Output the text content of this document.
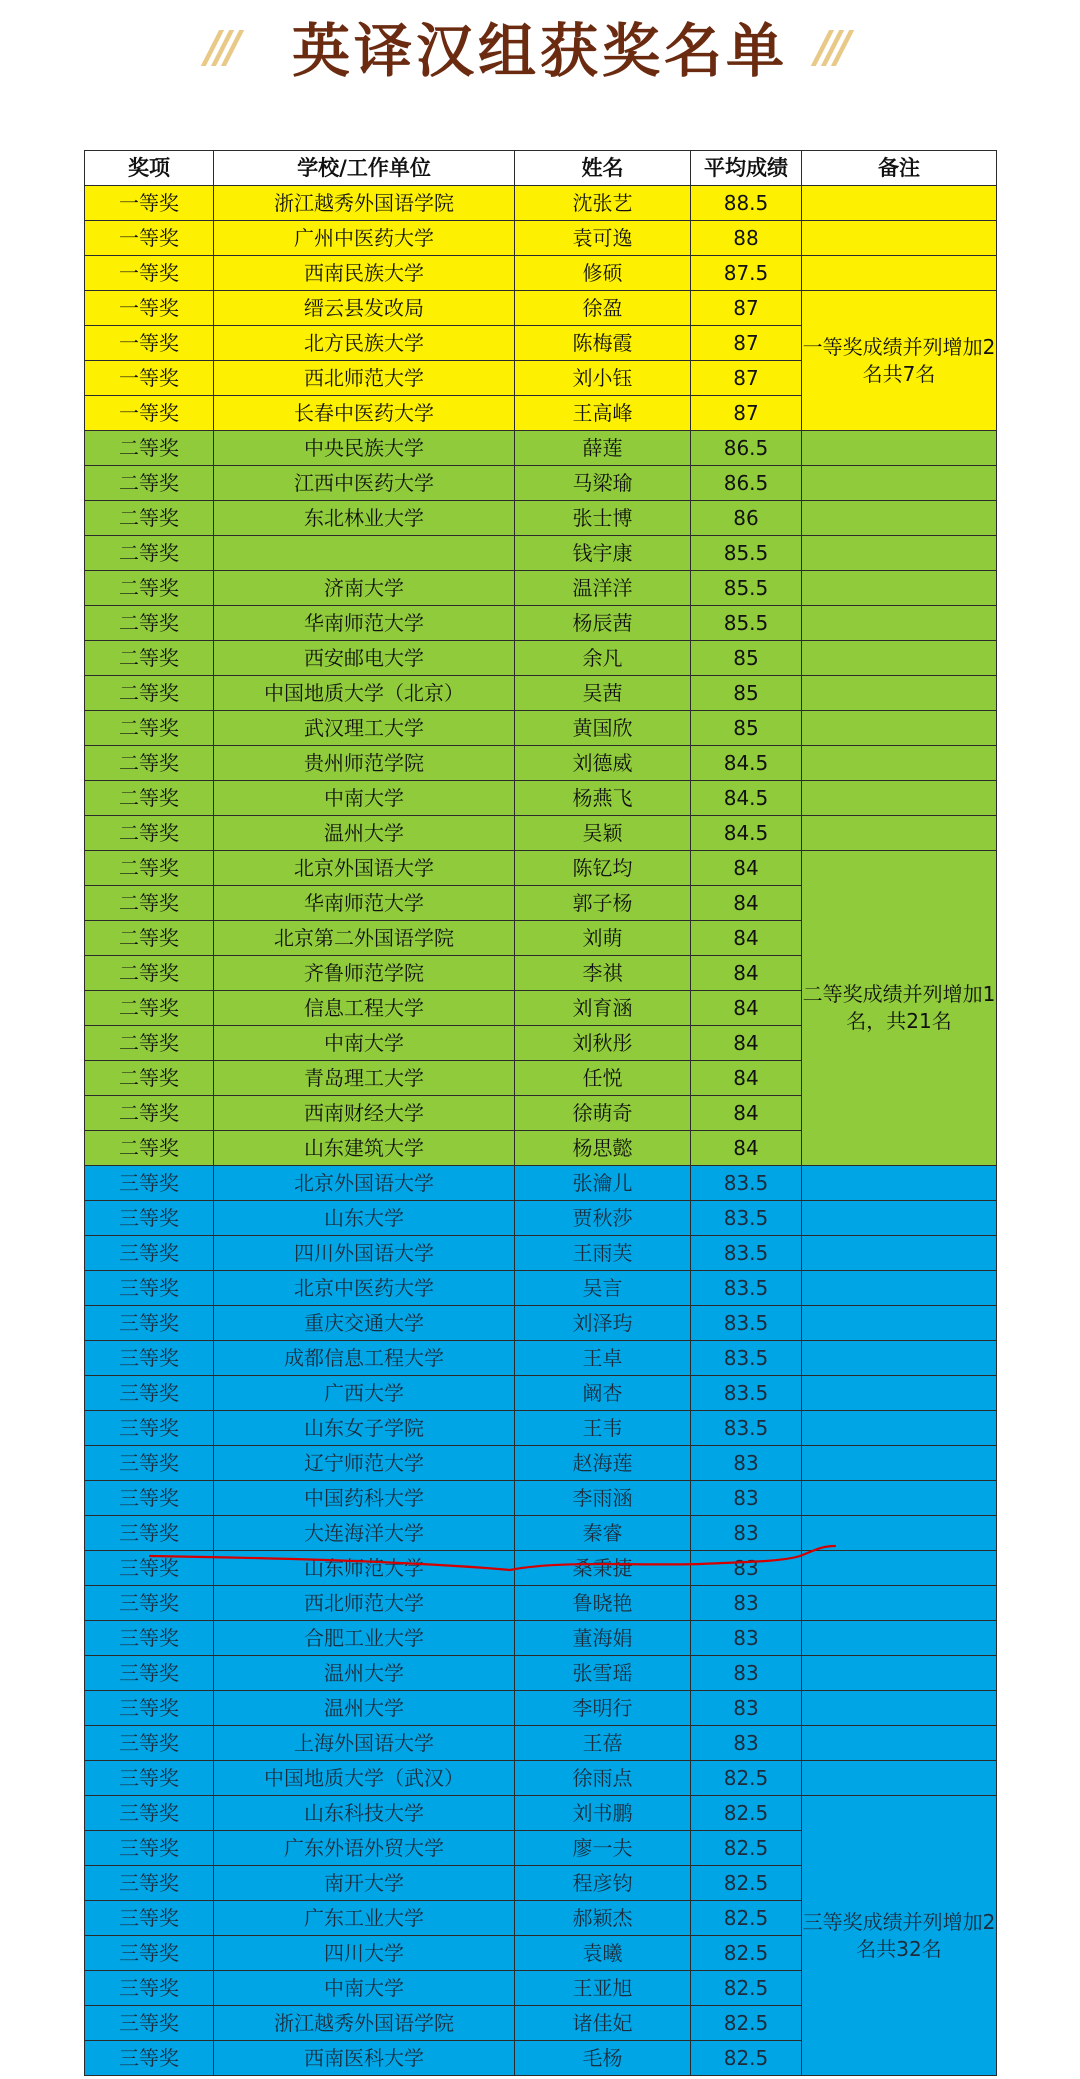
/// 英译汉组获奖名单 ///
奖项	学校/工作单位	姓名	平均成绩	备注
一等奖	浙江越秀外国语学院	沈张艺	88.5	
一等奖	广州中医药大学	袁可逸	88	
一等奖	西南民族大学	修硕	87.5	
一等奖	缙云县发改局	徐盈	87	一等奖成绩并列增加2名共7名
一等奖	北方民族大学	陈梅霞	87	
一等奖	西北师范大学	刘小钰	87	
一等奖	长春中医药大学	王高峰	87	
二等奖	中央民族大学	薛莲	86.5	
二等奖	江西中医药大学	马梁瑜	86.5	
二等奖	东北林业大学	张士博	86	
二等奖		钱宇康	85.5	
二等奖	济南大学	温洋洋	85.5	
二等奖	华南师范大学	杨辰茜	85.5	
二等奖	西安邮电大学	余凡	85	
二等奖	中国地质大学（北京）	吴茜	85	
二等奖	武汉理工大学	黄国欣	85	
二等奖	贵州师范学院	刘德威	84.5	
二等奖	中南大学	杨燕飞	84.5	
二等奖	温州大学	吴颖	84.5	
二等奖	北京外国语大学	陈钇均	84	二等奖成绩并列增加1名，共21名
二等奖	华南师范大学	郭子杨	84	
二等奖	北京第二外国语学院	刘萌	84	
二等奖	齐鲁师范学院	李祺	84	
二等奖	信息工程大学	刘育涵	84	
二等奖	中南大学	刘秋彤	84	
二等奖	青岛理工大学	任悦	84	
二等奖	西南财经大学	徐萌奇	84	
二等奖	山东建筑大学	杨思懿	84	
三等奖	北京外国语大学	张瀹儿	83.5	
三等奖	山东大学	贾秋莎	83.5	
三等奖	四川外国语大学	王雨芙	83.5	
三等奖	北京中医药大学	吴言	83.5	
三等奖	重庆交通大学	刘泽玙	83.5	
三等奖	成都信息工程大学	王卓	83.5	
三等奖	广西大学	阚杏	83.5	
三等奖	山东女子学院	王韦	83.5	
三等奖	辽宁师范大学	赵海莲	83	
三等奖	中国药科大学	李雨涵	83	
三等奖	大连海洋大学	秦睿	83	
三等奖	山东师范大学	桑秉捷	83	
三等奖	西北师范大学	鲁晓艳	83	
三等奖	合肥工业大学	董海娟	83	
三等奖	温州大学	张雪瑶	83	
三等奖	温州大学	李明行	83	
三等奖	上海外国语大学	王蓓	83	
三等奖	中国地质大学（武汉）	徐雨点	82.5	
三等奖	山东科技大学	刘书鹏	82.5	三等奖成绩并列增加2名共32名
三等奖	广东外语外贸大学	廖一夫	82.5	
三等奖	南开大学	程彦钧	82.5	
三等奖	广东工业大学	郝颖杰	82.5	
三等奖	四川大学	袁曦	82.5	
三等奖	中南大学	王亚旭	82.5	
三等奖	浙江越秀外国语学院	诸佳妃	82.5	
三等奖	西南医科大学	毛杨	82.5	
